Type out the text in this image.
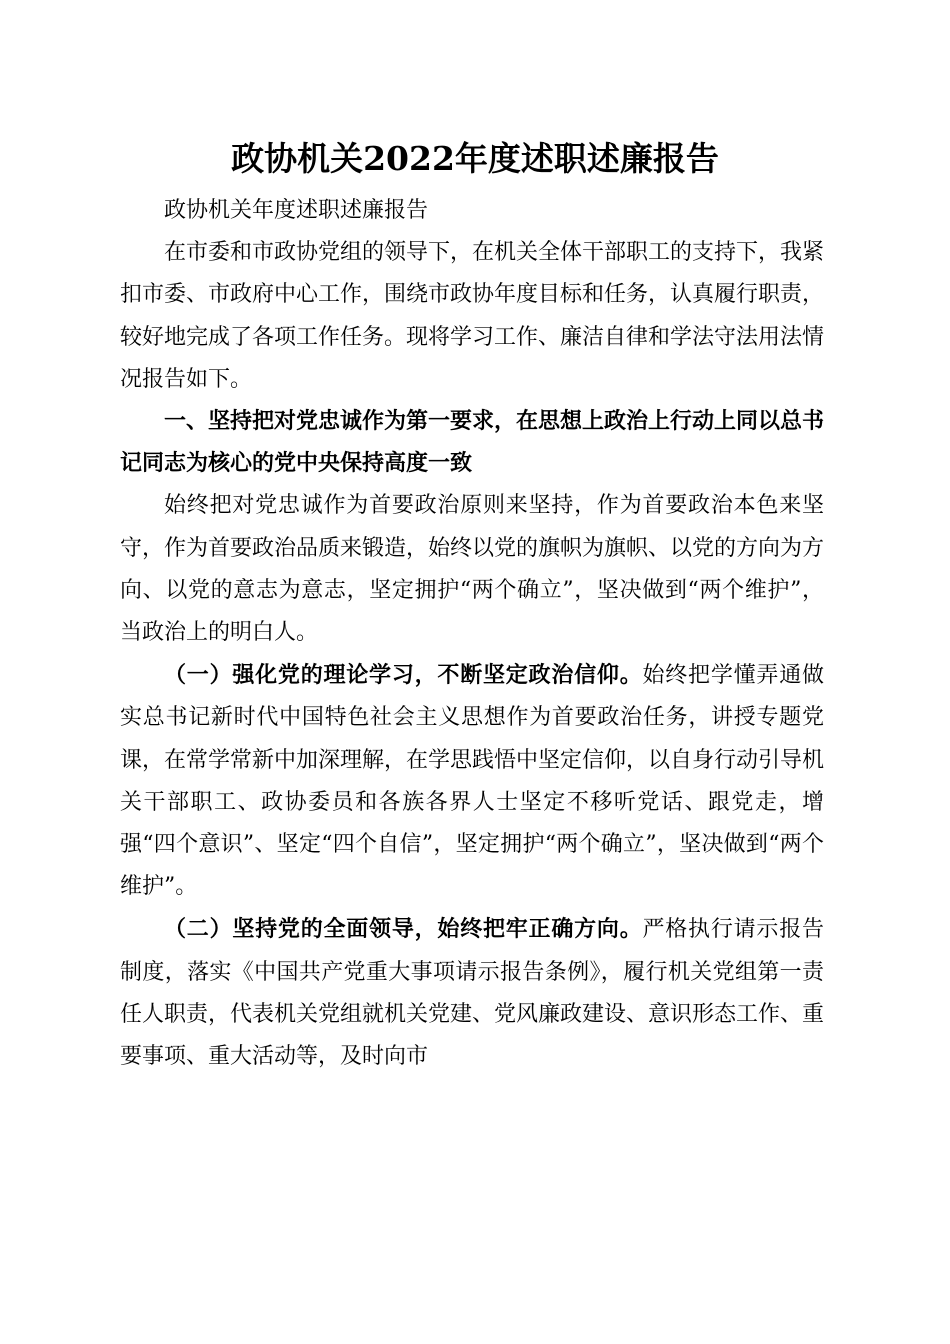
政协机关2022年度述职述廉报告

政协机关年度述职述廉报告

在市委和市政协党组的领导下，在机关全体干部职工的支持下，我紧扣市委、市政府中心工作，围绕市政协年度目标和任务，认真履行职责，较好地完成了各项工作任务。现将学习工作、廉洁自律和学法守法用法情况报告如下。

一、坚持把对党忠诚作为第一要求，在思想上政治上行动上同以总书记同志为核心的党中央保持高度一致

始终把对党忠诚作为首要政治原则来坚持，作为首要政治本色来坚守，作为首要政治品质来锻造，始终以党的旗帜为旗帜、以党的方向为方向、以党的意志为意志，坚定拥护“两个确立”，坚决做到“两个维护”，当政治上的明白人。

（一）强化党的理论学习，不断坚定政治信仰。始终把学懂弄通做实总书记新时代中国特色社会主义思想作为首要政治任务，讲授专题党课，在常学常新中加深理解，在学思践悟中坚定信仰，以自身行动引导机关干部职工、政协委员和各族各界人士坚定不移听党话、跟党走，增强“四个意识”、坚定“四个自信”，坚定拥护“两个确立”，坚决做到“两个维护”。

（二）坚持党的全面领导，始终把牢正确方向。严格执行请示报告制度，落实《中国共产党重大事项请示报告条例》，履行机关党组第一责任人职责，代表机关党组就机关党建、党风廉政建设、意识形态工作、重要事项、重大活动等，及时向市
